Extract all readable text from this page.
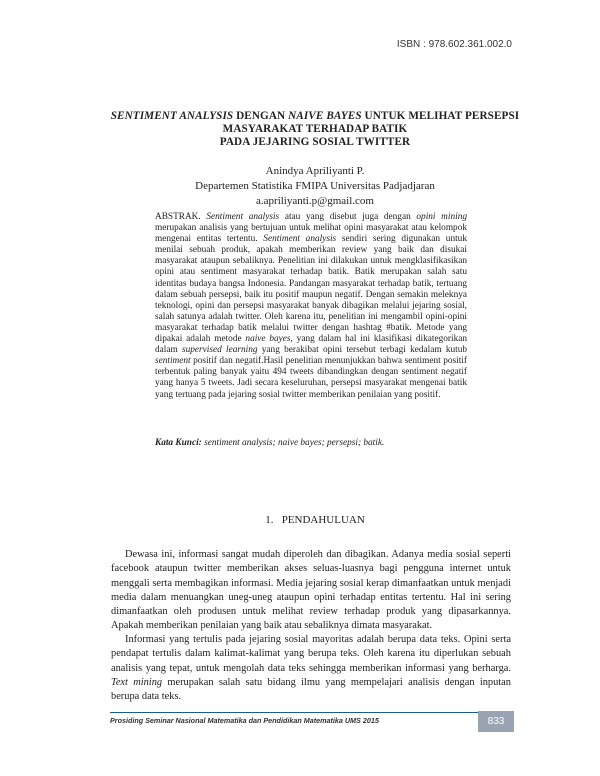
ISBN : 978.602.361.002.0
SENTIMENT ANALYSIS DENGAN NAIVE BAYES UNTUK MELIHAT PERSEPSI
MASYARAKAT TERHADAP BATIK
PADA JEJARING SOSIAL TWITTER
Anindya Apriliyanti P.
Departemen Statistika FMIPA Universitas Padjadjaran
a.apriliyanti.p@gmail.com
ABSTRAK. Sentiment analysis atau yang disebut juga dengan opini mining merupakan analisis yang bertujuan untuk melihat opini masyarakat atau kelompok mengenai entitas tertentu. Sentiment analysis sendiri sering digunakan untuk menilai sebuah produk, apakah memberikan review yang baik dan disukai masyarakat ataupun sebaliknya. Penelitian ini dilakukan untuk mengklasifikasikan opini atau sentiment masyarakat terhadap batik. Batik merupakan salah satu identitas budaya bangsa Indonesia. Pandangan masyarakat terhadap batik, tertuang dalam sebuah persepsi, baik itu positif maupun negatif. Dengan semakin meleknya teknologi, opini dan persepsi masyarakat banyak dibagikan melalui jejaring sosial, salah satunya adalah twitter. Oleh karena itu, penelitian ini mengambil opini-opini masyarakat terhadap batik melalui twitter dengan hashtag #batik. Metode yang dipakai adalah metode naive bayes, yang dalam hal ini klasifikasi dikategorikan dalam supervised learning yang berakibat opini tersebut terbagi kedalam kutub sentiment positif dan negatif.Hasil penelitian menunjukkan bahwa sentiment positif terbentuk paling banyak yaitu 494 tweets dibandingkan dengan sentiment negatif yang hanya 5 tweets. Jadi secara keseluruhan, persepsi masyarakat mengenai batik yang tertuang pada jejaring sosial twitter memberikan penilaian yang positif.
Kata Kunci: sentiment analysis; naive bayes; persepsi; batik.
1.   PENDAHULUAN
Dewasa ini, informasi sangat mudah diperoleh dan dibagikan. Adanya media sosial seperti facebook ataupun twitter memberikan akses seluas-luasnya bagi pengguna internet untuk menggali serta membagikan informasi. Media jejaring sosial kerap dimanfaatkan untuk menjadi media dalam menuangkan uneg-uneg ataupun opini terhadap entitas tertentu. Hal ini sering dimanfaatkan oleh produsen untuk melihat review terhadap produk yang dipasarkannya. Apakah memberikan penilaian yang baik atau sebaliknya dimata masyarakat.
Informasi yang tertulis pada jejaring sosial mayoritas adalah berupa data teks. Opini serta pendapat tertulis dalam kalimat-kalimat yang berupa teks. Oleh karena itu diperlukan sebuah analisis yang tepat, untuk mengolah data teks sehingga memberikan informasi yang berharga. Text mining merupakan salah satu bidang ilmu yang mempelajari analisis dengan inputan berupa data teks.
Prosiding Seminar Nasional Matematika dan Pendidikan Matematika UMS 2015	833
